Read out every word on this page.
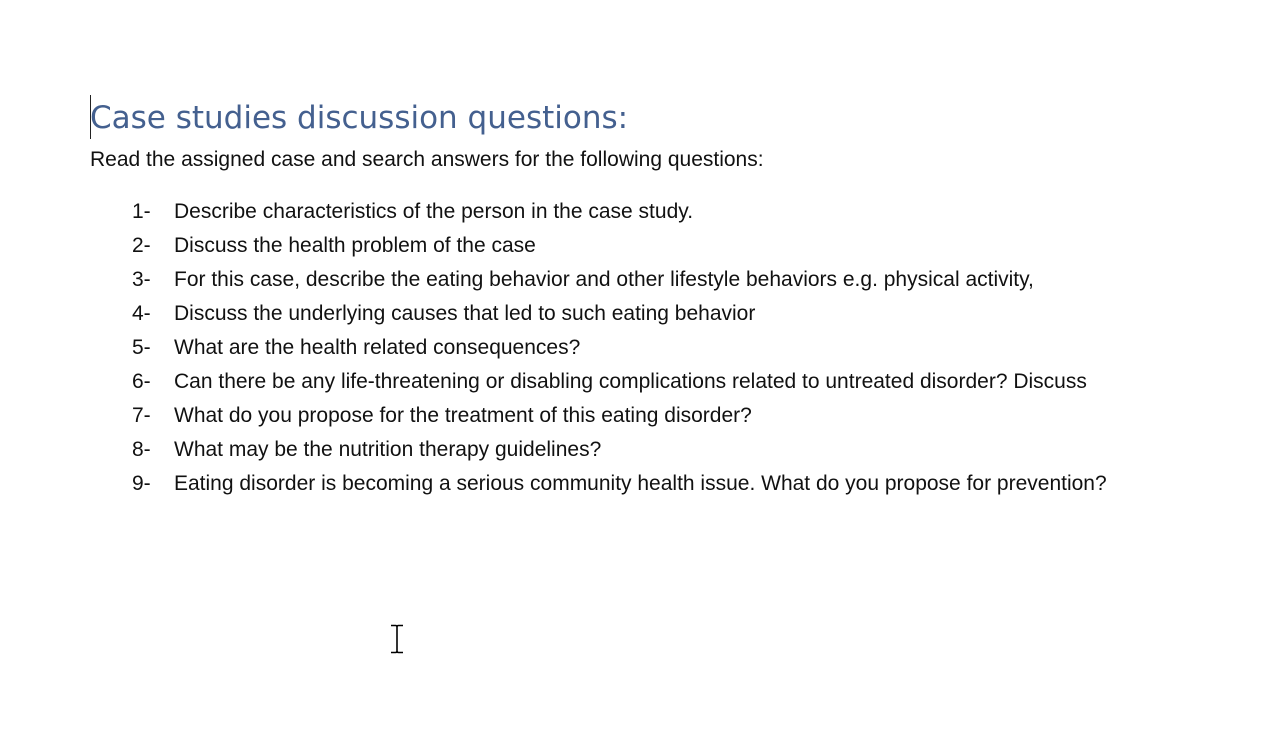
Case studies discussion questions:

Read the assigned case and search answers for the following questions:

1-	Describe characteristics of the person in the case study.
2-	Discuss the health problem of the case
3-	For this case, describe the eating behavior and other lifestyle behaviors e.g. physical activity,
4-	Discuss the underlying causes that led to such eating behavior
5-	What are the health related consequences?
6-	Can there be any life-threatening or disabling complications related to untreated disorder? Discuss
7-	What do you propose for the treatment of this eating disorder?
8-	What may be the nutrition therapy guidelines?
9-	Eating disorder is becoming a serious community health issue. What do you propose for prevention?
